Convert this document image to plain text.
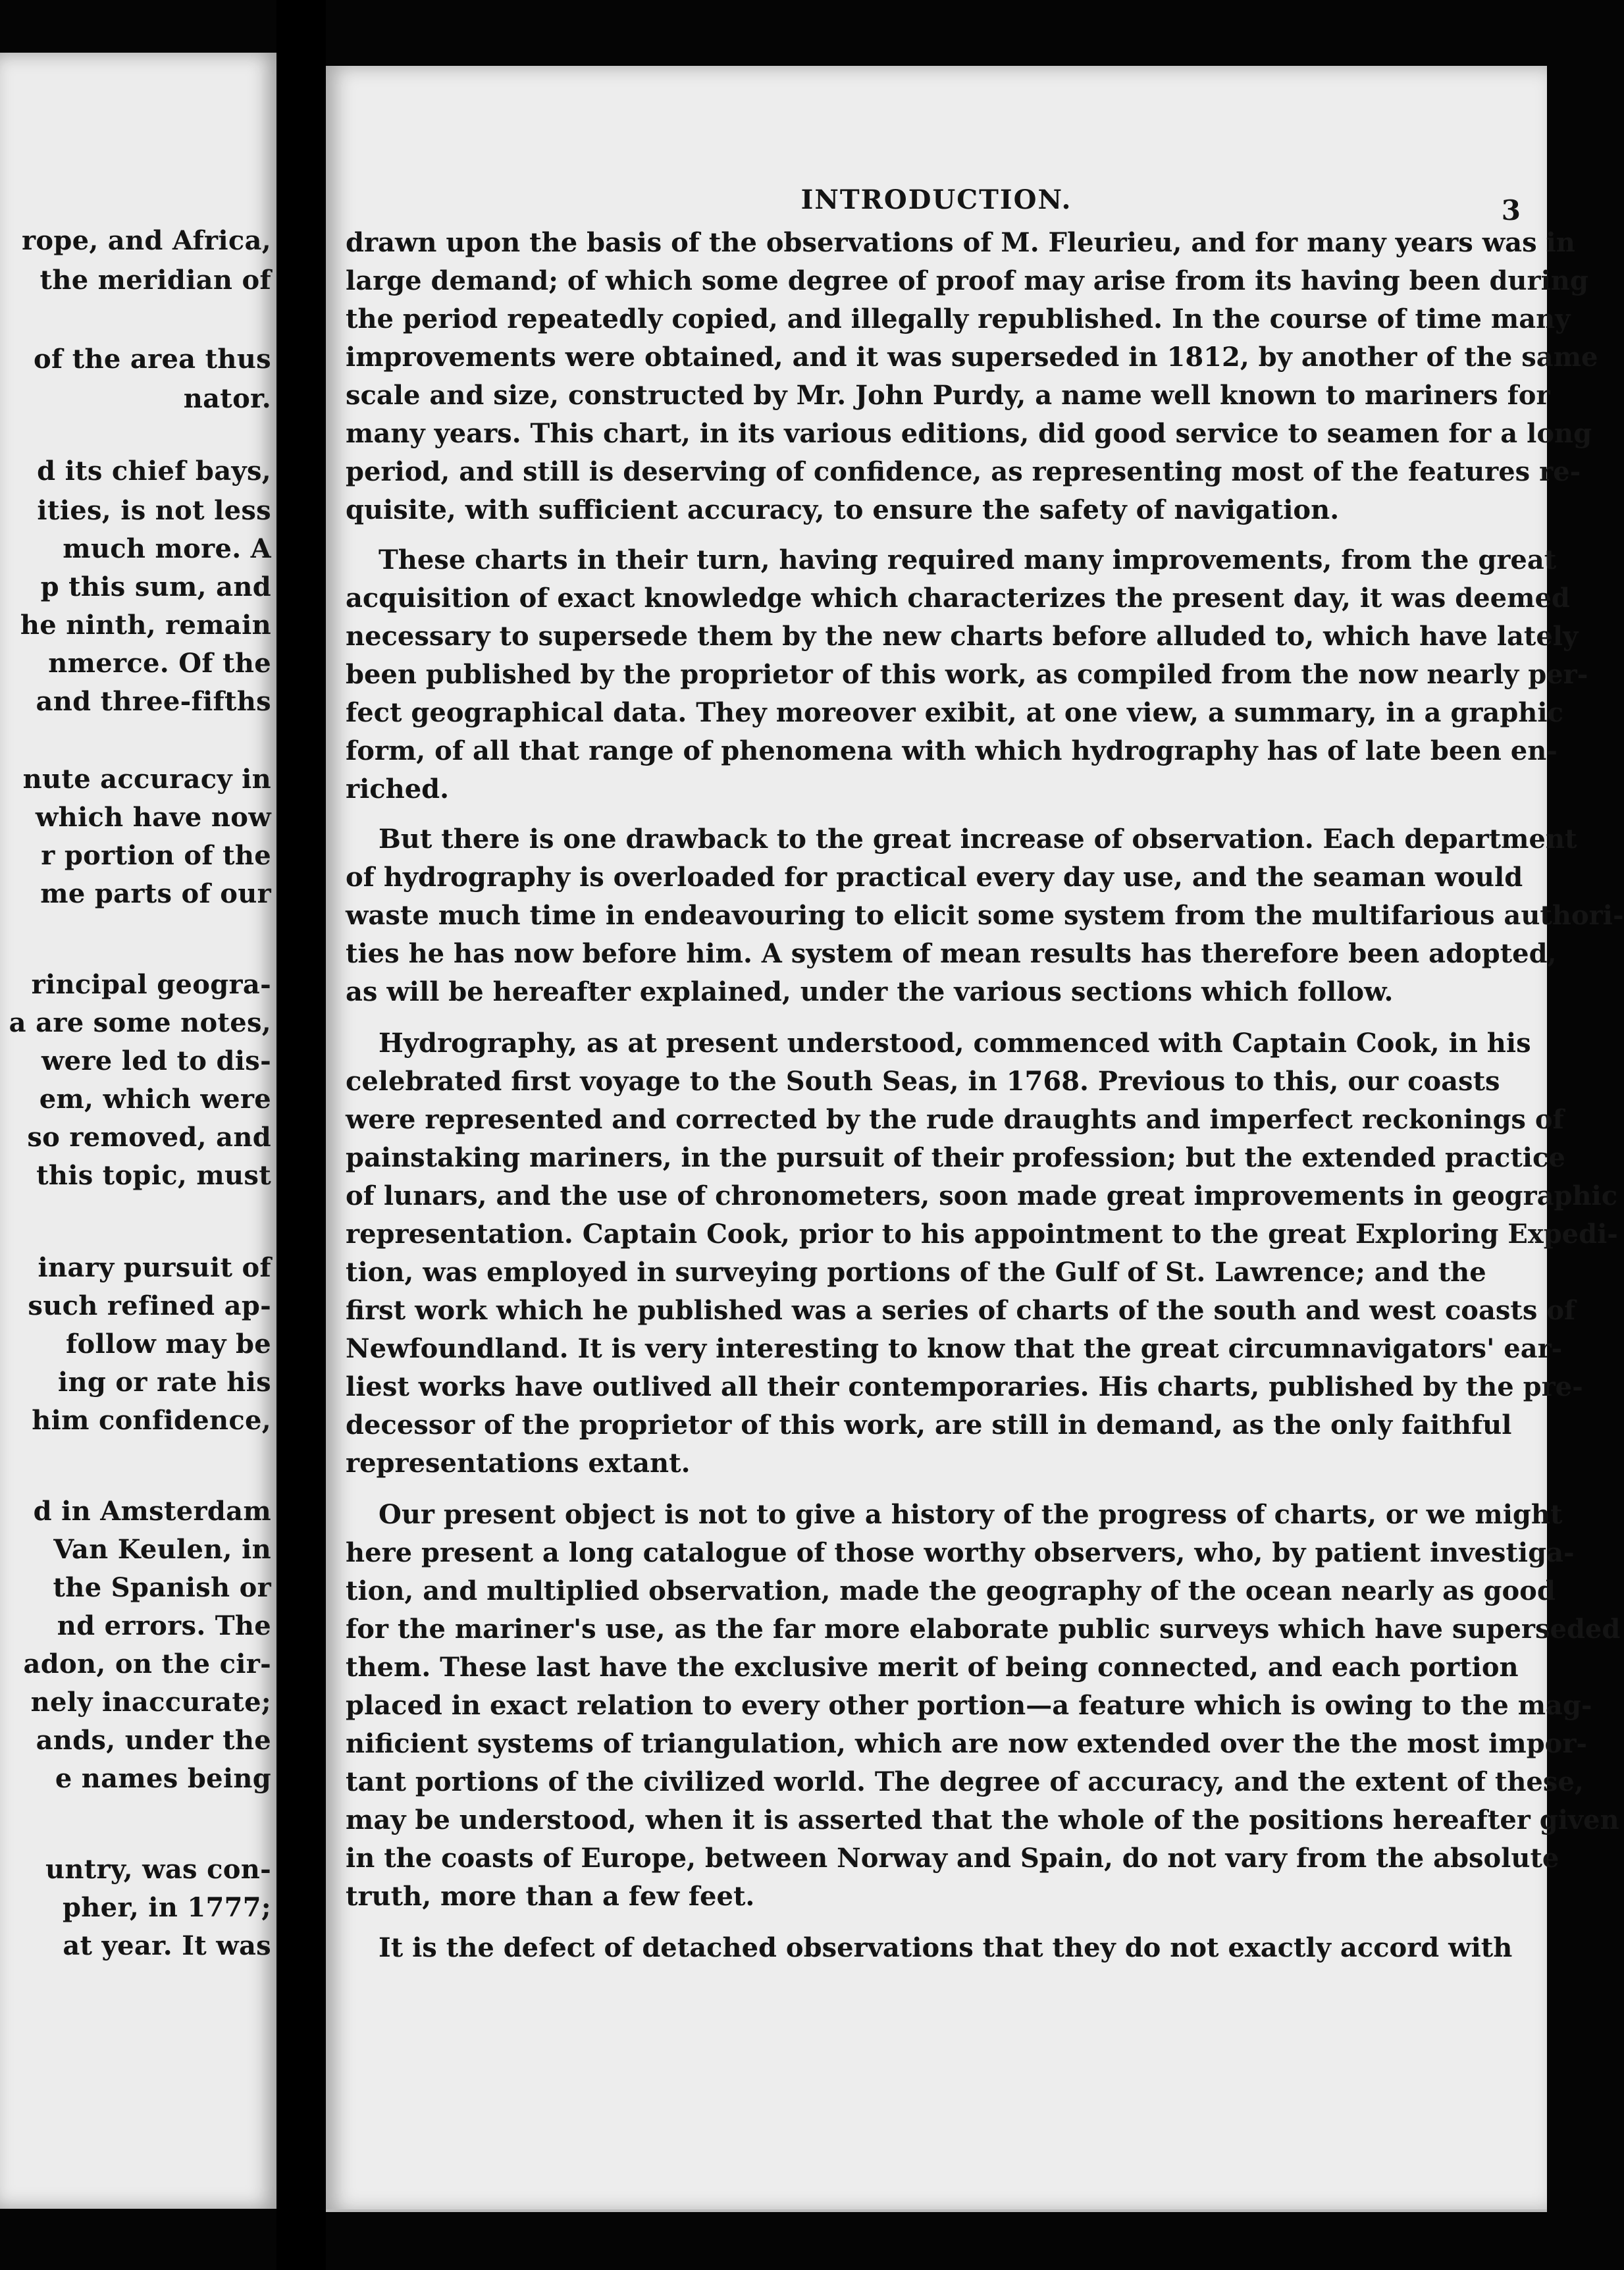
rope, and Africa,
the meridian of
of the area thus
nator.
d its chief bays,
ities, is not less
much more. A
p this sum, and
he ninth, remain
nmerce. Of the
and three-fifths
nute accuracy in
which have now
r portion of the
me parts of our
rincipal geogra-
a are some notes,
were led to dis-
em, which were
so removed, and
this topic, must
inary pursuit of
such refined ap-
follow may be
ing or rate his
him confidence,
d in Amsterdam
Van Keulen, in
the Spanish or
nd errors. The
adon, on the cir-
nely inaccurate;
ands, under the
e names being
untry, was con-
pher, in 1777;
at year. It was
INTRODUCTION.	3
drawn upon the basis of the observations of M. Fleurieu, and for many years was in
large demand; of which some degree of proof may arise from its having been during
the period repeatedly copied, and illegally republished. In the course of time many
improvements were obtained, and it was superseded in 1812, by another of the same
scale and size, constructed by Mr. John Purdy, a name well known to mariners for
many years. This chart, in its various editions, did good service to seamen for a long
period, and still is deserving of confidence, as representing most of the features re-
quisite, with sufficient accuracy, to ensure the safety of navigation.
These charts in their turn, having required many improvements, from the great
acquisition of exact knowledge which characterizes the present day, it was deemed
necessary to supersede them by the new charts before alluded to, which have lately
been published by the proprietor of this work, as compiled from the now nearly per-
fect geographical data. They moreover exibit, at one view, a summary, in a graphic
form, of all that range of phenomena with which hydrography has of late been en-
riched.
But there is one drawback to the great increase of observation. Each department
of hydrography is overloaded for practical every day use, and the seaman would
waste much time in endeavouring to elicit some system from the multifarious authori-
ties he has now before him. A system of mean results has therefore been adopted,
as will be hereafter explained, under the various sections which follow.
Hydrography, as at present understood, commenced with Captain Cook, in his
celebrated first voyage to the South Seas, in 1768. Previous to this, our coasts
were represented and corrected by the rude draughts and imperfect reckonings of
painstaking mariners, in the pursuit of their profession; but the extended practice
of lunars, and the use of chronometers, soon made great improvements in geographic
representation. Captain Cook, prior to his appointment to the great Exploring Expedi-
tion, was employed in surveying portions of the Gulf of St. Lawrence; and the
first work which he published was a series of charts of the south and west coasts of
Newfoundland. It is very interesting to know that the great circumnavigators' ear-
liest works have outlived all their contemporaries. His charts, published by the pre-
decessor of the proprietor of this work, are still in demand, as the only faithful
representations extant.
Our present object is not to give a history of the progress of charts, or we might
here present a long catalogue of those worthy observers, who, by patient investiga-
tion, and multiplied observation, made the geography of the ocean nearly as good
for the mariner's use, as the far more elaborate public surveys which have superseded
them. These last have the exclusive merit of being connected, and each portion
placed in exact relation to every other portion—a feature which is owing to the mag-
nificient systems of triangulation, which are now extended over the the most impor-
tant portions of the civilized world. The degree of accuracy, and the extent of these,
may be understood, when it is asserted that the whole of the positions hereafter given
in the coasts of Europe, between Norway and Spain, do not vary from the absolute
truth, more than a few feet.
It is the defect of detached observations that they do not exactly accord with
